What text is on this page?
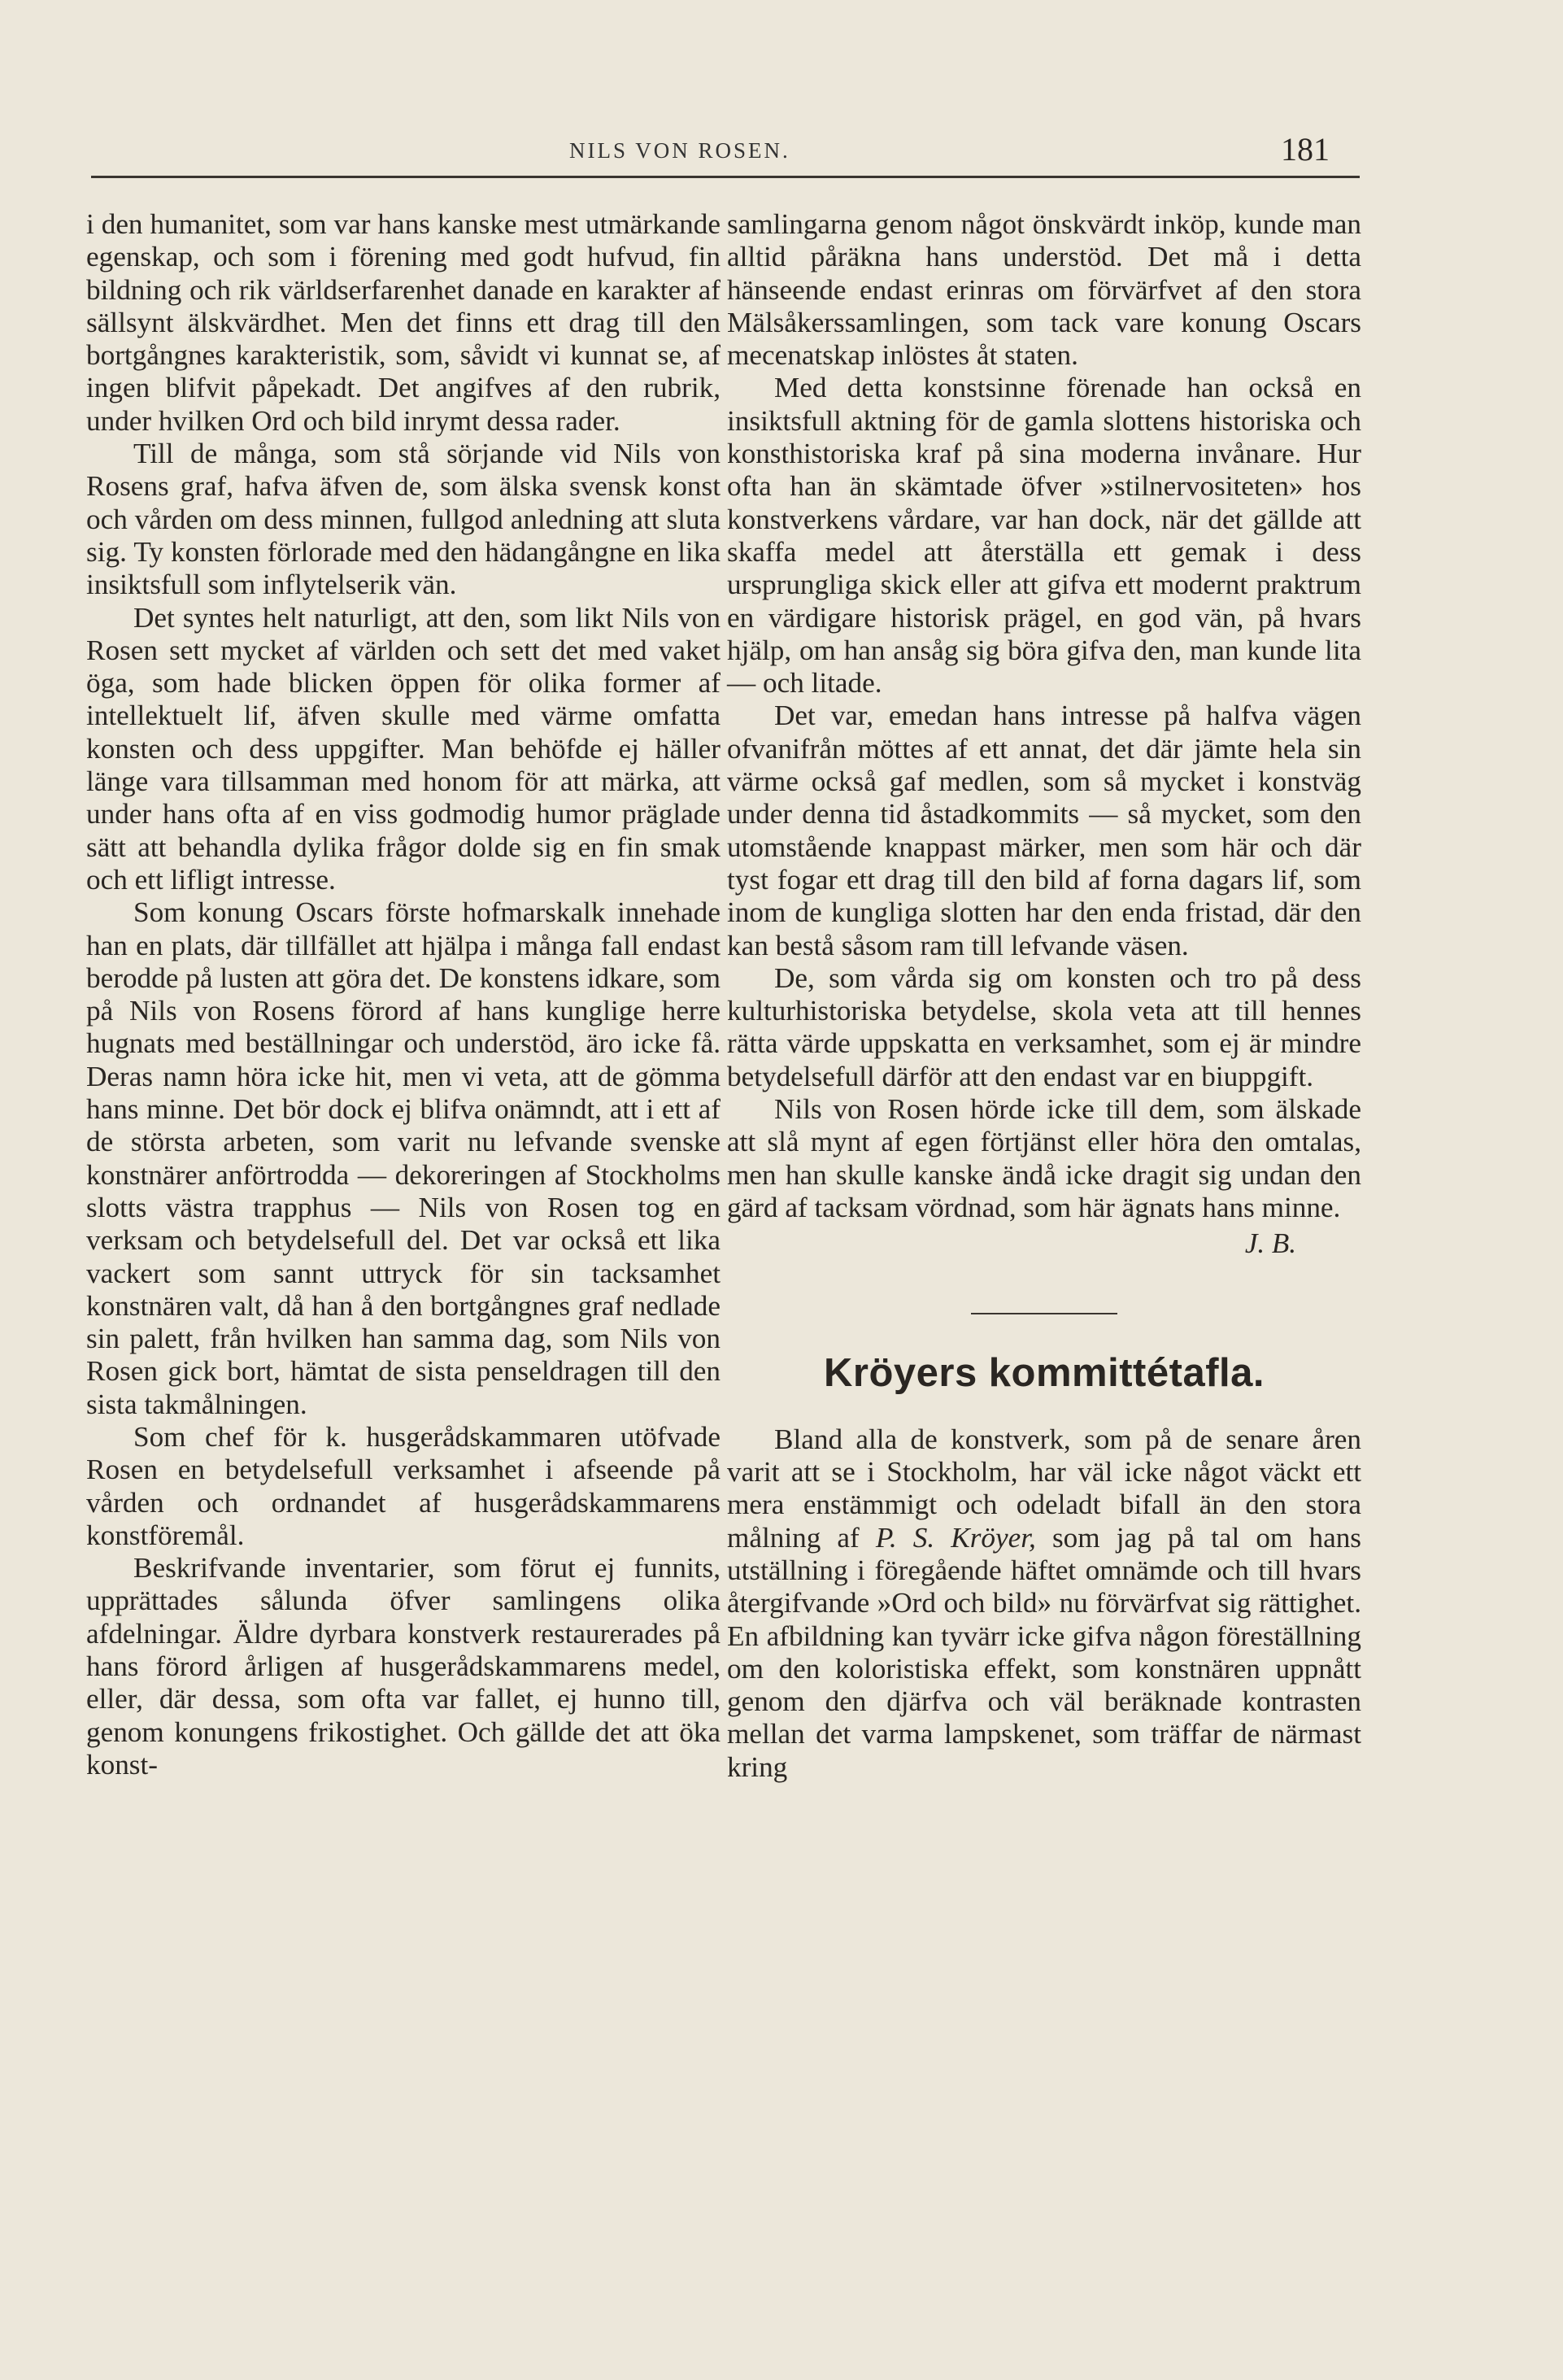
NILS VON ROSEN.	181

i den humanitet, som var hans kanske mest utmärkande egenskap, och som i förening med godt hufvud, fin bildning och rik världserfarenhet danade en karakter af sällsynt älskvärdhet. Men det finns ett drag till den bortgångnes karakteristik, som, såvidt vi kunnat se, af ingen blifvit påpekadt. Det angifves af den rubrik, under hvilken Ord och bild inrymt dessa rader.

Till de många, som stå sörjande vid Nils von Rosens graf, hafva äfven de, som älska svensk konst och vården om dess minnen, fullgod anledning att sluta sig. Ty konsten förlorade med den hädangångne en lika insiktsfull som inflytelserik vän.

Det syntes helt naturligt, att den, som likt Nils von Rosen sett mycket af världen och sett det med vaket öga, som hade blicken öppen för olika former af intellektuelt lif, äfven skulle med värme omfatta konsten och dess uppgifter. Man behöfde ej häller länge vara tillsamman med honom för att märka, att under hans ofta af en viss godmodig humor präglade sätt att behandla dylika frågor dolde sig en fin smak och ett lifligt intresse.

Som konung Oscars förste hofmarskalk innehade han en plats, där tillfället att hjälpa i många fall endast berodde på lusten att göra det. De konstens idkare, som på Nils von Rosens förord af hans kunglige herre hugnats med beställningar och understöd, äro icke få. Deras namn höra icke hit, men vi veta, att de gömma hans minne. Det bör dock ej blifva onämndt, att i ett af de största arbeten, som varit nu lefvande svenske konstnärer anförtrodda — dekoreringen af Stockholms slotts västra trapphus — Nils von Rosen tog en verksam och betydelsefull del. Det var också ett lika vackert som sannt uttryck för sin tacksamhet konstnären valt, då han å den bortgångnes graf nedlade sin palett, från hvilken han samma dag, som Nils von Rosen gick bort, hämtat de sista penseldragen till den sista takmålningen.

Som chef för k. husgerådskammaren utöfvade Rosen en betydelsefull verksamhet i afseende på vården och ordnandet af husgerådskammarens konstföremål.

Beskrifvande inventarier, som förut ej funnits, upprättades sålunda öfver samlingens olika afdelningar. Äldre dyrbara konstverk restaurerades på hans förord årligen af husgerådskammarens medel, eller, där dessa, som ofta var fallet, ej hunno till, genom konungens frikostighet. Och gällde det att öka konst-

samlingarna genom något önskvärdt inköp, kunde man alltid påräkna hans understöd. Det må i detta hänseende endast erinras om förvärfvet af den stora Mälsåkerssamlingen, som tack vare konung Oscars mecenatskap inlöstes åt staten.

Med detta konstsinne förenade han också en insiktsfull aktning för de gamla slottens historiska och konsthistoriska kraf på sina moderna invånare. Hur ofta han än skämtade öfver »stilnervositeten» hos konstverkens vårdare, var han dock, när det gällde att skaffa medel att återställa ett gemak i dess ursprungliga skick eller att gifva ett modernt praktrum en värdigare historisk prägel, en god vän, på hvars hjälp, om han ansåg sig böra gifva den, man kunde lita — och litade.

Det var, emedan hans intresse på halfva vägen ofvanifrån möttes af ett annat, det där jämte hela sin värme också gaf medlen, som så mycket i konstväg under denna tid åstadkommits — så mycket, som den utomstående knappast märker, men som här och där tyst fogar ett drag till den bild af forna dagars lif, som inom de kungliga slotten har den enda fristad, där den kan bestå såsom ram till lefvande väsen.

De, som vårda sig om konsten och tro på dess kulturhistoriska betydelse, skola veta att till hennes rätta värde uppskatta en verksamhet, som ej är mindre betydelsefull därför att den endast var en biuppgift.

Nils von Rosen hörde icke till dem, som älskade att slå mynt af egen förtjänst eller höra den omtalas, men han skulle kanske ändå icke dragit sig undan den gärd af tacksam vördnad, som här ägnats hans minne.

J. B.

Kröyers kommittétafla.

Bland alla de konstverk, som på de senare åren varit att se i Stockholm, har väl icke något väckt ett mera enstämmigt och odeladt bifall än den stora målning af P. S. Kröyer, som jag på tal om hans utställning i föregående häftet omnämde och till hvars återgifvande »Ord och bild» nu förvärfvat sig rättighet. En afbildning kan tyvärr icke gifva någon föreställning om den koloristiska effekt, som konstnären uppnått genom den djärfva och väl beräknade kontrasten mellan det varma lampskenet, som träffar de närmast kring
